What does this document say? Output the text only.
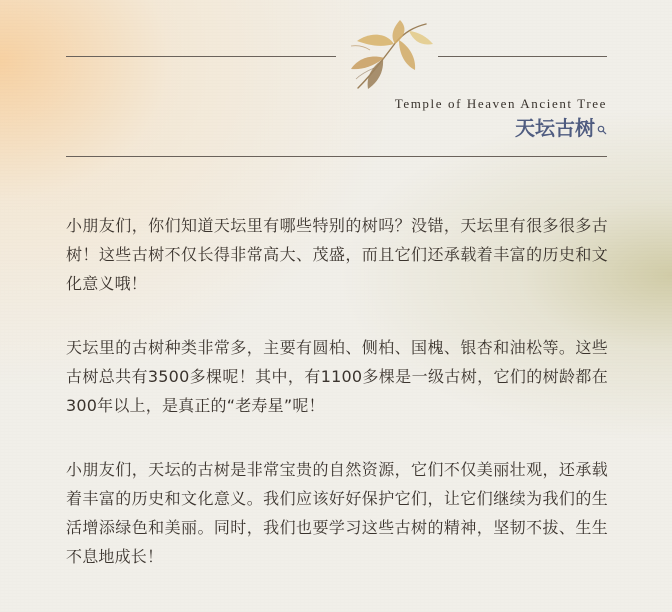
Temple of Heaven Ancient Tree
天坛古树

小朋友们，你们知道天坛里有哪些特别的树吗？没错，天坛里有很多很多古树！这些古树不仅长得非常高大、茂盛，而且它们还承载着丰富的历史和文化意义哦！

天坛里的古树种类非常多，主要有圆柏、侧柏、国槐、银杏和油松等。这些古树总共有3500多棵呢！其中，有1100多棵是一级古树，它们的树龄都在300年以上，是真正的“老寿星”呢！

小朋友们，天坛的古树是非常宝贵的自然资源，它们不仅美丽壮观，还承载着丰富的历史和文化意义。我们应该好好保护它们，让它们继续为我们的生活增添绿色和美丽。同时，我们也要学习这些古树的精神，坚韧不拔、生生不息地成长！
